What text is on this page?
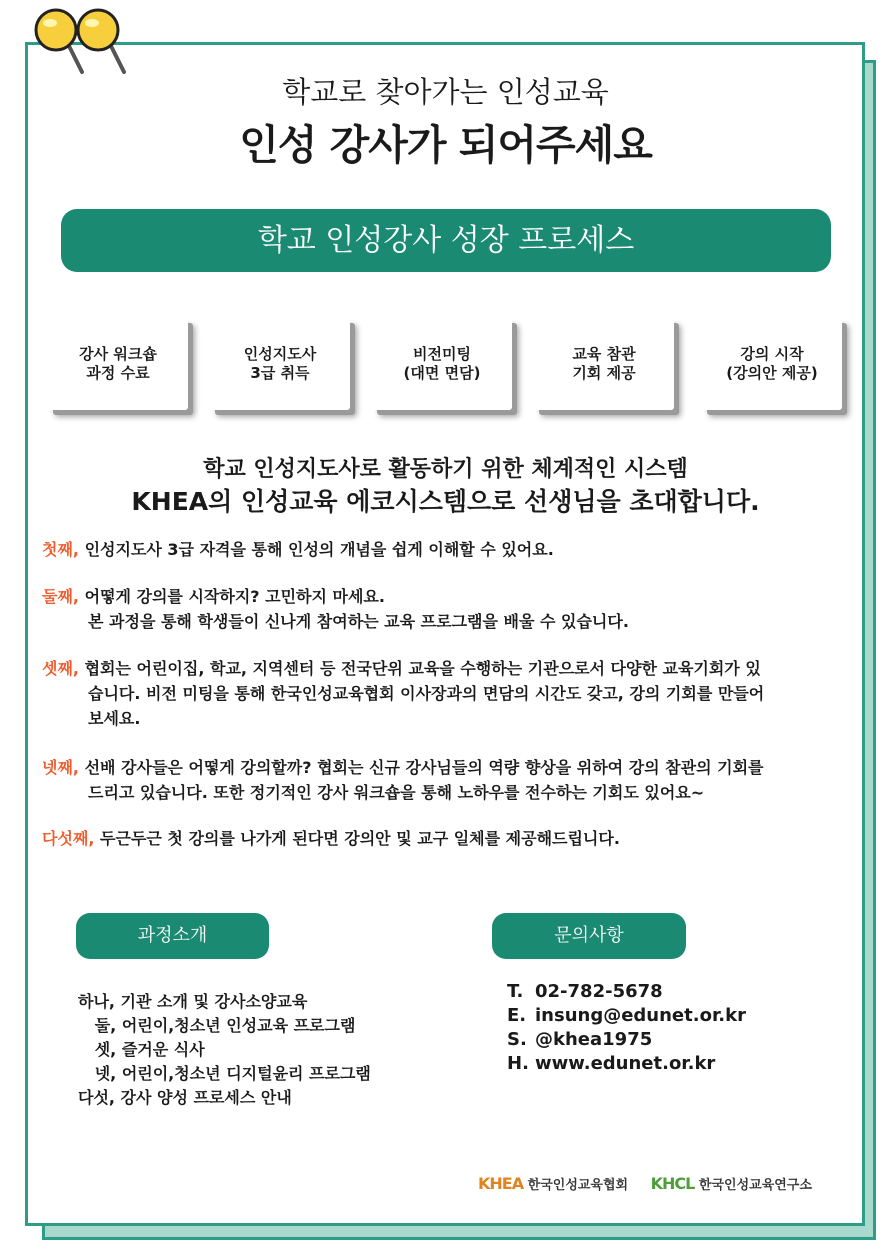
학교로 찾아가는 인성교육
인성 강사가 되어주세요
학교 인성강사 성장 프로세스
강사 워크숍
과정 수료
인성지도사
3급 취득
비전미팅
(대면 면담)
교육 참관
기회 제공
강의 시작
(강의안 제공)
학교 인성지도사로 활동하기 위한 체계적인 시스템
KHEA의 인성교육 에코시스템으로 선생님을 초대합니다.
첫째, 인성지도사 3급 자격을 통해 인성의 개념을 쉽게 이해할 수 있어요.
둘째, 어떻게 강의를 시작하지? 고민하지 마세요.
본 과정을 통해 학생들이 신나게 참여하는 교육 프로그램을 배울 수 있습니다.
셋째, 협회는 어린이집, 학교, 지역센터 등 전국단위 교육을 수행하는 기관으로서 다양한 교육기회가 있
습니다. 비전 미팅을 통해 한국인성교육협회 이사장과의 면담의 시간도 갖고, 강의 기회를 만들어
보세요.
넷째, 선배 강사들은 어떻게 강의할까? 협회는 신규 강사님들의 역량 향상을 위하여 강의 참관의 기회를
드리고 있습니다. 또한 정기적인 강사 워크숍을 통해 노하우를 전수하는 기회도 있어요~
다섯째, 두근두근 첫 강의를 나가게 된다면 강의안 및 교구 일체를 제공해드립니다.
과정소개	문의사항
하나, 기관 소개 및 강사소양교육
둘, 어린이,청소년 인성교육 프로그램
셋, 즐거운 식사
넷, 어린이,청소년 디지털윤리 프로그램
다섯, 강사 양성 프로세스 안내
T. 02-782-5678
E. insung@edunet.or.kr
S. @khea1975
H. www.edunet.or.kr
KHEA 한국인성교육협회 KHCL 한국인성교육연구소
